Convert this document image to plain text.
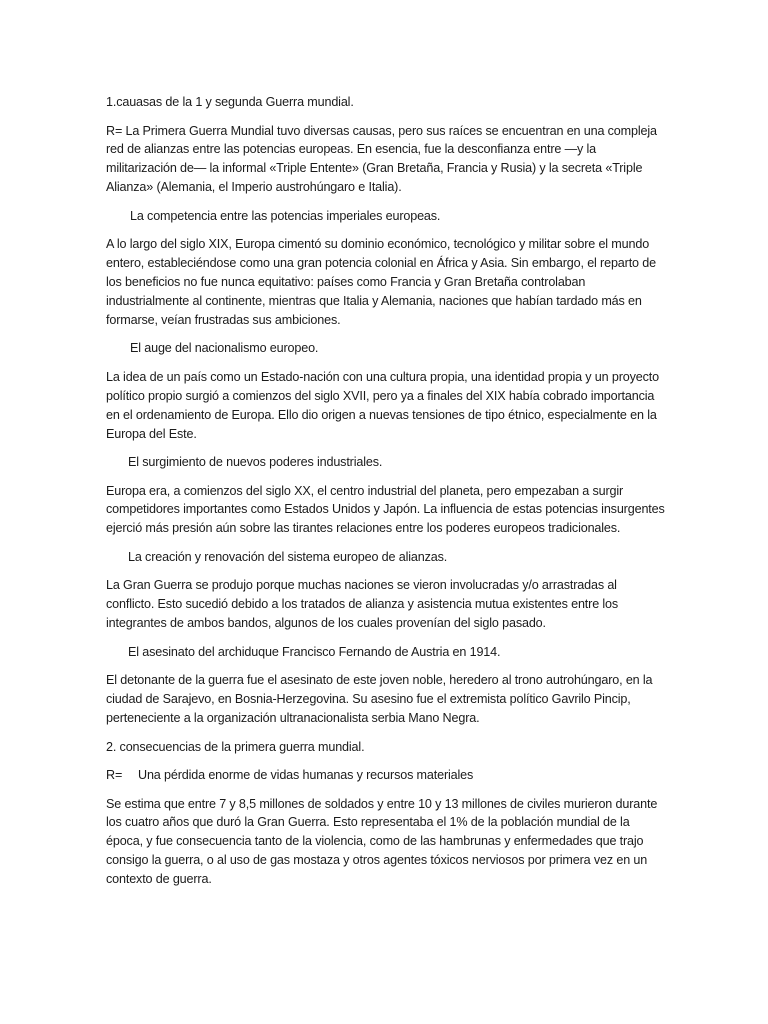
1.cauasas de la 1 y segunda Guerra mundial.

R= La Primera Guerra Mundial tuvo diversas causas, pero sus raíces se encuentran en una compleja red de alianzas entre las potencias europeas. En esencia, fue la desconfianza entre —y la militarización de— la informal «Triple Entente» (Gran Bretaña, Francia y Rusia) y la secreta «Triple Alianza» (Alemania, el Imperio austrohúngaro e Italia).

La competencia entre las potencias imperiales europeas.

A lo largo del siglo XIX, Europa cimentó su dominio económico, tecnológico y militar sobre el mundo entero, estableciéndose como una gran potencia colonial en África y Asia. Sin embargo, el reparto de los beneficios no fue nunca equitativo: países como Francia y Gran Bretaña controlaban industrialmente al continente, mientras que Italia y Alemania, naciones que habían tardado más en formarse, veían frustradas sus ambiciones.

El auge del nacionalismo europeo.

La idea de un país como un Estado-nación con una cultura propia, una identidad propia y un proyecto político propio surgió a comienzos del siglo XVII, pero ya a finales del XIX había cobrado importancia en el ordenamiento de Europa. Ello dio origen a nuevas tensiones de tipo étnico, especialmente en la Europa del Este.

El surgimiento de nuevos poderes industriales.

Europa era, a comienzos del siglo XX, el centro industrial del planeta, pero empezaban a surgir competidores importantes como Estados Unidos y Japón. La influencia de estas potencias insurgentes ejerció más presión aún sobre las tirantes relaciones entre los poderes europeos tradicionales.

La creación y renovación del sistema europeo de alianzas.

La Gran Guerra se produjo porque muchas naciones se vieron involucradas y/o arrastradas al conflicto. Esto sucedió debido a los tratados de alianza y asistencia mutua existentes entre los integrantes de ambos bandos, algunos de los cuales provenían del siglo pasado.

El asesinato del archiduque Francisco Fernando de Austria en 1914.

El detonante de la guerra fue el asesinato de este joven noble, heredero al trono autrohúngaro, en la ciudad de Sarajevo, en Bosnia-Herzegovina. Su asesino fue el extremista político Gavrilo Pincip, perteneciente a la organización ultranacionalista serbia Mano Negra.

2. consecuencias de la primera guerra mundial.

R= Una pérdida enorme de vidas humanas y recursos materiales

Se estima que entre 7 y 8,5 millones de soldados y entre 10 y 13 millones de civiles murieron durante los cuatro años que duró la Gran Guerra. Esto representaba el 1% de la población mundial de la época, y fue consecuencia tanto de la violencia, como de las hambrunas y enfermedades que trajo consigo la guerra, o al uso de gas mostaza y otros agentes tóxicos nerviosos por primera vez en un contexto de guerra.
